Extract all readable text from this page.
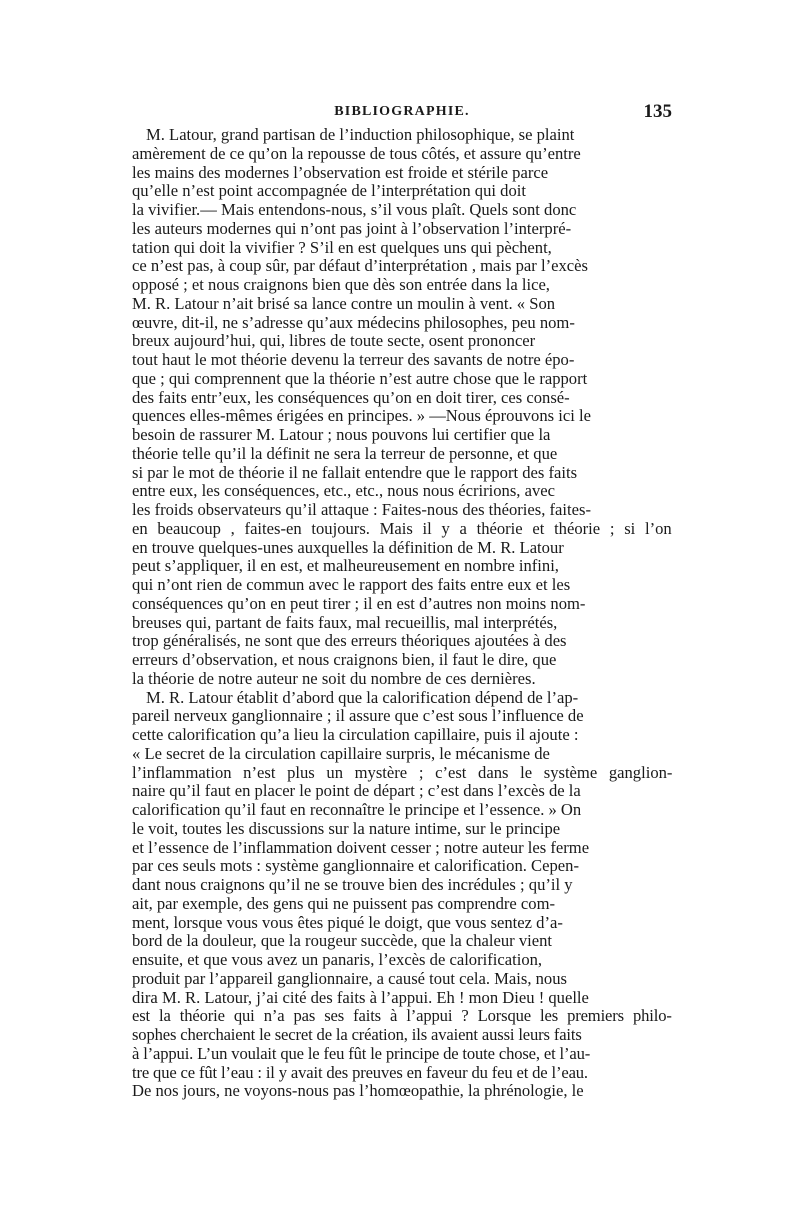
BIBLIOGRAPHIE.	135
M. Latour, grand partisan de l’induction philosophique, se plaint
amèrement de ce qu’on la repousse de tous côtés, et assure qu’entre
les mains des modernes l’observation est froide et stérile parce
qu’elle n’est point accompagnée de l’interprétation qui doit
la vivifier.— Mais entendons-nous, s’il vous plaît. Quels sont donc
les auteurs modernes qui n’ont pas joint à l’observation l’interpré-
tation qui doit la vivifier ? S’il en est quelques uns qui pèchent,
ce n’est pas, à coup sûr, par défaut d’interprétation , mais par l’excès
opposé ; et nous craignons bien que dès son entrée dans la lice,
M. R. Latour n’ait brisé sa lance contre un moulin à vent. « Son
œuvre, dit-il, ne s’adresse qu’aux médecins philosophes, peu nom-
breux aujourd’hui, qui, libres de toute secte, osent prononcer
tout haut le mot théorie devenu la terreur des savants de notre épo-
que ; qui comprennent que la théorie n’est autre chose que le rapport
des faits entr’eux, les conséquences qu’on en doit tirer, ces consé-
quences elles-mêmes érigées en principes. » —Nous éprouvons ici le
besoin de rassurer M. Latour ; nous pouvons lui certifier que la
théorie telle qu’il la définit ne sera la terreur de personne, et que
si par le mot de théorie il ne fallait entendre que le rapport des faits
entre eux, les conséquences, etc., etc., nous nous écririons, avec
les froids observateurs qu’il attaque : Faites-nous des théories, faites-
en beaucoup , faites-en toujours. Mais il y a théorie et théorie ; si l’on
en trouve quelques-unes auxquelles la définition de M. R. Latour
peut s’appliquer, il en est, et malheureusement en nombre infini,
qui n’ont rien de commun avec le rapport des faits entre eux et les
conséquences qu’on en peut tirer ; il en est d’autres non moins nom-
breuses qui, partant de faits faux, mal recueillis, mal interprétés,
trop généralisés, ne sont que des erreurs théoriques ajoutées à des
erreurs d’observation, et nous craignons bien, il faut le dire, que
la théorie de notre auteur ne soit du nombre de ces dernières.
M. R. Latour établit d’abord que la calorification dépend de l’ap-
pareil nerveux ganglionnaire ; il assure que c’est sous l’influence de
cette calorification qu’a lieu la circulation capillaire, puis il ajoute :
« Le secret de la circulation capillaire surpris, le mécanisme de
l’inflammation n’est plus un mystère ; c’est dans le système ganglion-
naire qu’il faut en placer le point de départ ; c’est dans l’excès de la
calorification qu’il faut en reconnaître le principe et l’essence. » On
le voit, toutes les discussions sur la nature intime, sur le principe
et l’essence de l’inflammation doivent cesser ; notre auteur les ferme
par ces seuls mots : système ganglionnaire et calorification. Cepen-
dant nous craignons qu’il ne se trouve bien des incrédules ; qu’il y
ait, par exemple, des gens qui ne puissent pas comprendre com-
ment, lorsque vous vous êtes piqué le doigt, que vous sentez d’a-
bord de la douleur, que la rougeur succède, que la chaleur vient
ensuite, et que vous avez un panaris, l’excès de calorification,
produit par l’appareil ganglionnaire, a causé tout cela. Mais, nous
dira M. R. Latour, j’ai cité des faits à l’appui. Eh ! mon Dieu ! quelle
est la théorie qui n’a pas ses faits à l’appui ? Lorsque les premiers philo-
sophes cherchaient le secret de la création, ils avaient aussi leurs faits
à l’appui. L’un voulait que le feu fût le principe de toute chose, et l’au-
tre que ce fût l’eau : il y avait des preuves en faveur du feu et de l’eau.
De nos jours, ne voyons-nous pas l’homœopathie, la phrénologie, le
